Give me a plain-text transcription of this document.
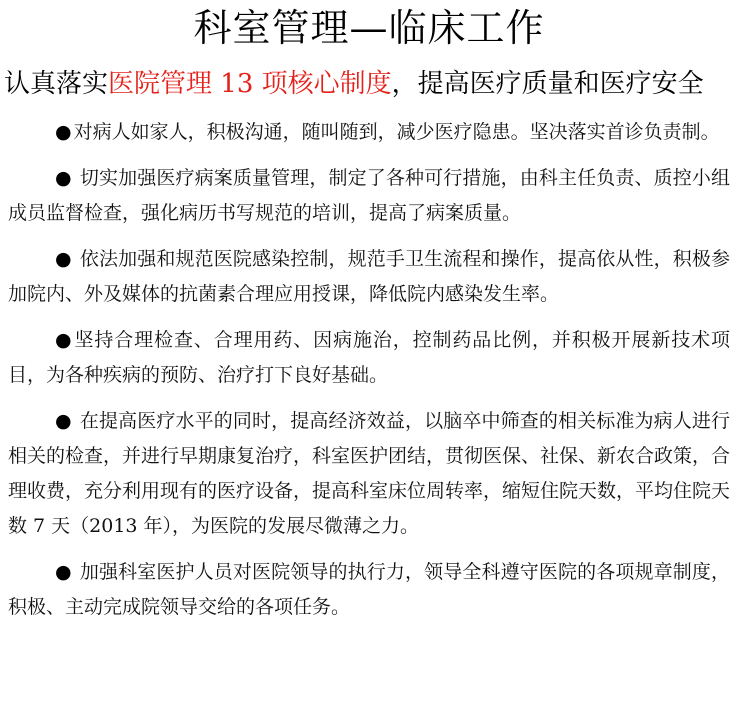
科室管理—临床工作
认真落实医院管理 13 项核心制度，提高医疗质量和医疗安全

● 对病人如家人，积极沟通，随叫随到，减少医疗隐患。坚决落实首诊负责制。

● 切实加强医疗病案质量管理，制定了各种可行措施，由科主任负责、质控小组成员监督检查，强化病历书写规范的培训，提高了病案质量。

● 依法加强和规范医院感染控制，规范手卫生流程和操作，提高依从性，积极参加院内、外及媒体的抗菌素合理应用授课，降低院内感染发生率。

● 坚持合理检查、合理用药、因病施治，控制药品比例，并积极开展新技术项目，为各种疾病的预防、治疗打下良好基础。

● 在提高医疗水平的同时，提高经济效益，以脑卒中筛查的相关标准为病人进行相关的检查，并进行早期康复治疗，科室医护团结，贯彻医保、社保、新农合政策，合理收费，充分利用现有的医疗设备，提高科室床位周转率，缩短住院天数，平均住院天数 7 天（2013 年），为医院的发展尽微薄之力。

● 加强科室医护人员对医院领导的执行力，领导全科遵守医院的各项规章制度，积极、主动完成院领导交给的各项任务。
